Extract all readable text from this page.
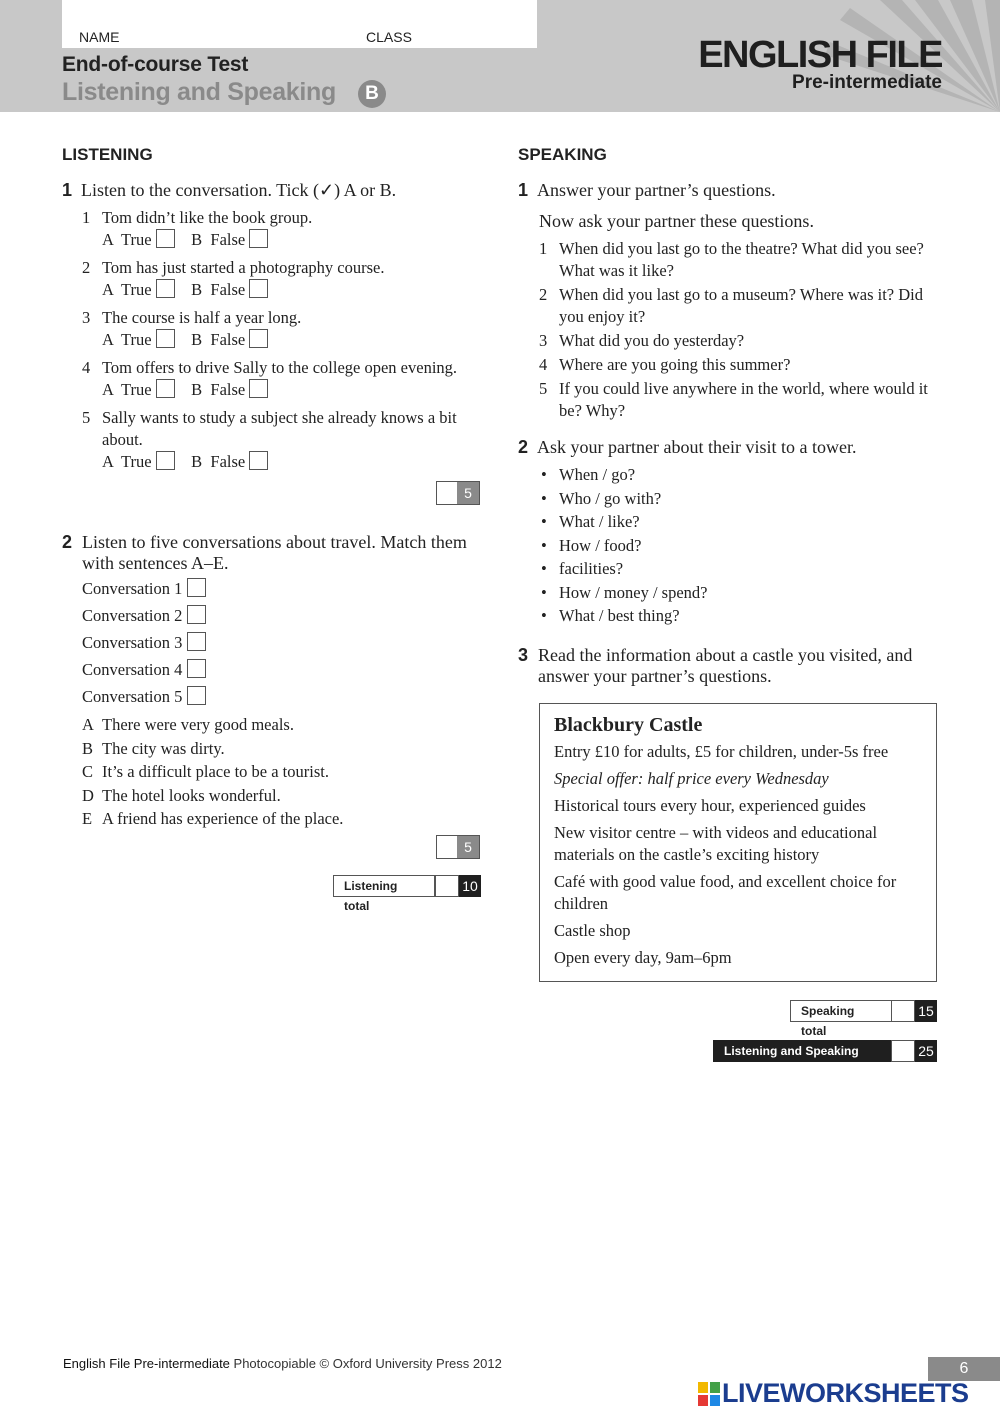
NAME	CLASS
End-of-course Test
Listening and Speaking	B
ENGLISH FILE
Pre-intermediate
LISTENING
1 Listen to the conversation. Tick (✓) A or B.
1 Tom didn’t like the book group.
A  True B  False
2 Tom has just started a photography course.
A  True B  False
3 The course is half a year long.
A  True B  False
4 Tom offers to drive Sally to the college open evening.
A  True B  False
5 Sally wants to study a subject she already knows a bit about.
A  True B  False
5
2 Listen to five conversations about travel. Match them with sentences A–E.
Conversation 1
Conversation 2
Conversation 3
Conversation 4
Conversation 5
A There were very good meals.
B The city was dirty.
C It’s a difficult place to be a tourist.
D The hotel looks wonderful.
E A friend has experience of the place.
5
Listening total
10
SPEAKING
1 Answer your partner’s questions.
Now ask your partner these questions.
1 When did you last go to the theatre? What did you see? What was it like?
2 When did you last go to a museum? Where was it? Did you enjoy it?
3 What did you do yesterday?
4 Where are you going this summer?
5 If you could live anywhere in the world, where would it be? Why?
2 Ask your partner about their visit to a tower.
• When / go?
• Who / go with?
• What / like?
• How / food?
• facilities?
• How / money / spend?
• What / best thing?
3 Read the information about a castle you visited, and answer your partner’s questions.
Blackbury Castle
Entry £10 for adults, £5 for children, under-5s free
Special offer: half price every Wednesday
Historical tours every hour, experienced guides
New visitor centre – with videos and educational materials on the castle’s exciting history
Café with good value food, and excellent choice for children
Castle shop
Open every day, 9am–6pm
Speaking total
15
Listening and Speaking total
25
English File Pre-intermediate Photocopiable © Oxford University Press 2012	6
LIVEWORKSHEETS
